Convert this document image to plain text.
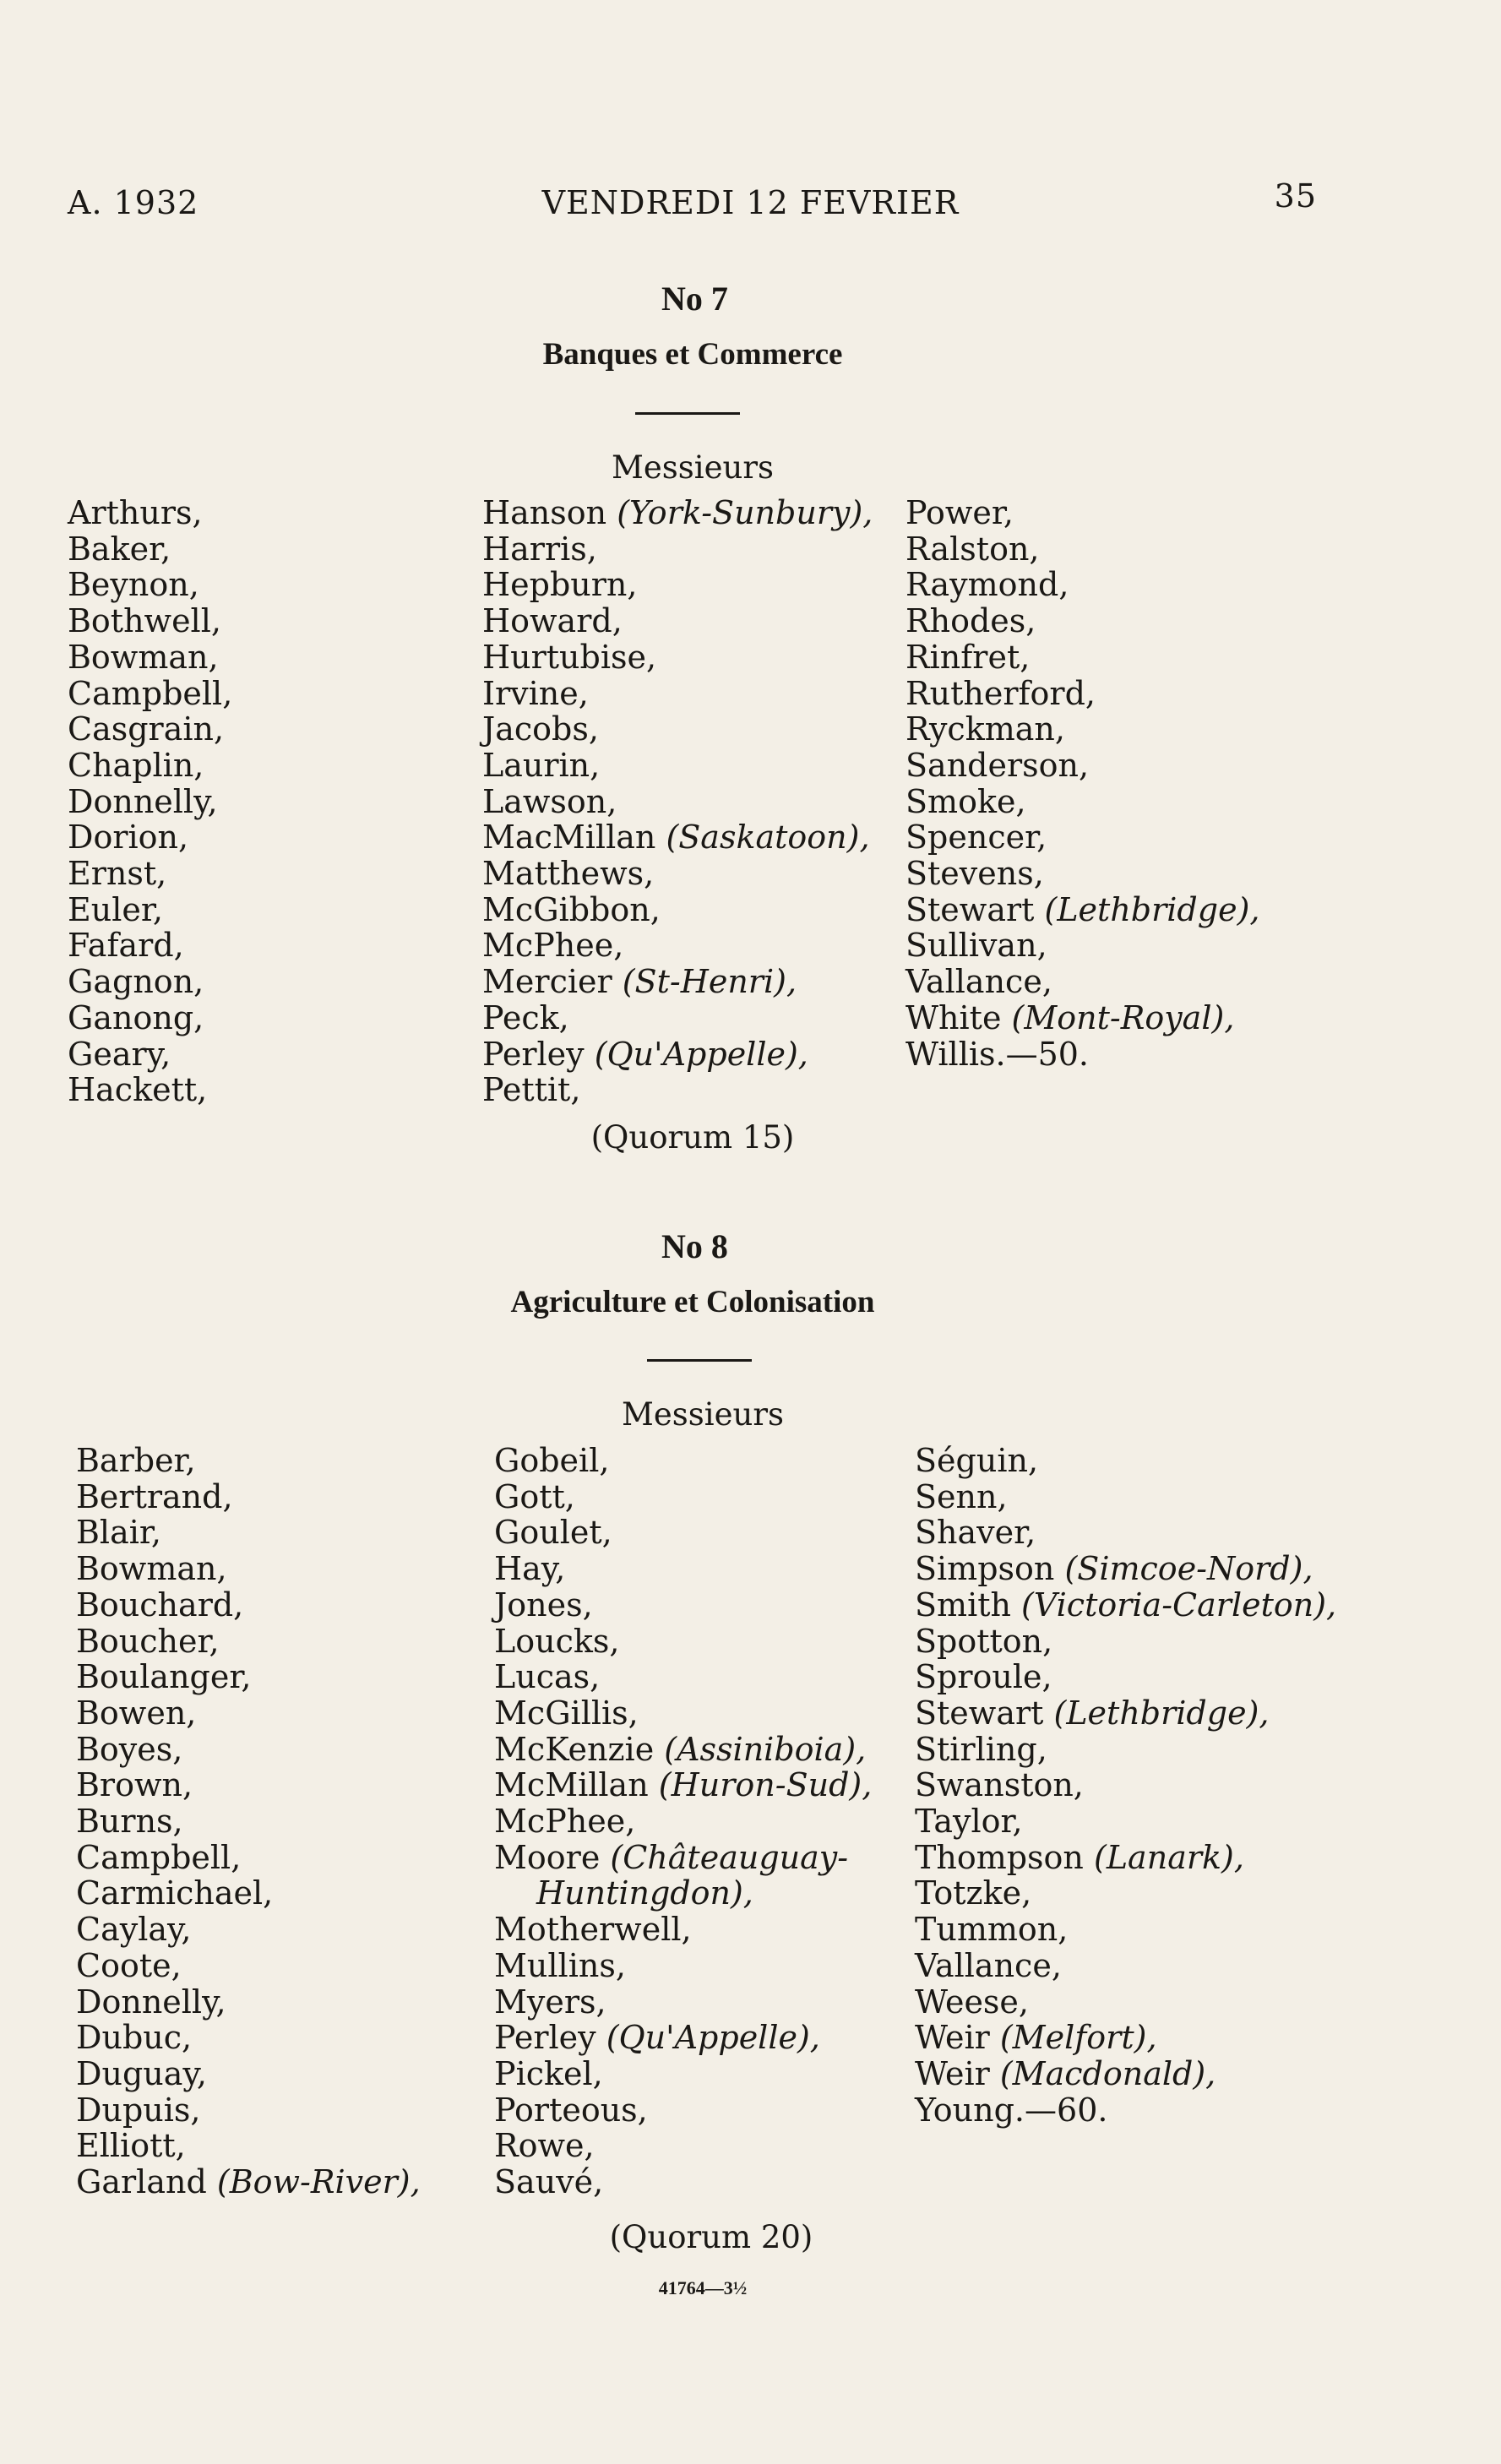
A. 1932	VENDREDI 12 FEVRIER	35
No 7
Banques et Commerce
Messieurs
Arthurs,
Baker,
Beynon,
Bothwell,
Bowman,
Campbell,
Casgrain,
Chaplin,
Donnelly,
Dorion,
Ernst,
Euler,
Fafard,
Gagnon,
Ganong,
Geary,
Hackett,
Hanson (York-Sunbury),
Harris,
Hepburn,
Howard,
Hurtubise,
Irvine,
Jacobs,
Laurin,
Lawson,
MacMillan (Saskatoon),
Matthews,
McGibbon,
McPhee,
Mercier (St-Henri),
Peck,
Perley (Qu'Appelle),
Pettit,
Power,
Ralston,
Raymond,
Rhodes,
Rinfret,
Rutherford,
Ryckman,
Sanderson,
Smoke,
Spencer,
Stevens,
Stewart (Lethbridge),
Sullivan,
Vallance,
White (Mont-Royal),
Willis.—50.
(Quorum 15)
No 8
Agriculture et Colonisation
Messieurs
Barber,
Bertrand,
Blair,
Bowman,
Bouchard,
Boucher,
Boulanger,
Bowen,
Boyes,
Brown,
Burns,
Campbell,
Carmichael,
Caylay,
Coote,
Donnelly,
Dubuc,
Duguay,
Dupuis,
Elliott,
Garland (Bow-River),
Gobeil,
Gott,
Goulet,
Hay,
Jones,
Loucks,
Lucas,
McGillis,
McKenzie (Assiniboia),
McMillan (Huron-Sud),
McPhee,
Moore (Châteauguay-
Huntingdon),
Motherwell,
Mullins,
Myers,
Perley (Qu'Appelle),
Pickel,
Porteous,
Rowe,
Sauvé,
Séguin,
Senn,
Shaver,
Simpson (Simcoe-Nord),
Smith (Victoria-Carleton),
Spotton,
Sproule,
Stewart (Lethbridge),
Stirling,
Swanston,
Taylor,
Thompson (Lanark),
Totzke,
Tummon,
Vallance,
Weese,
Weir (Melfort),
Weir (Macdonald),
Young.—60.
(Quorum 20)
41764—3½
